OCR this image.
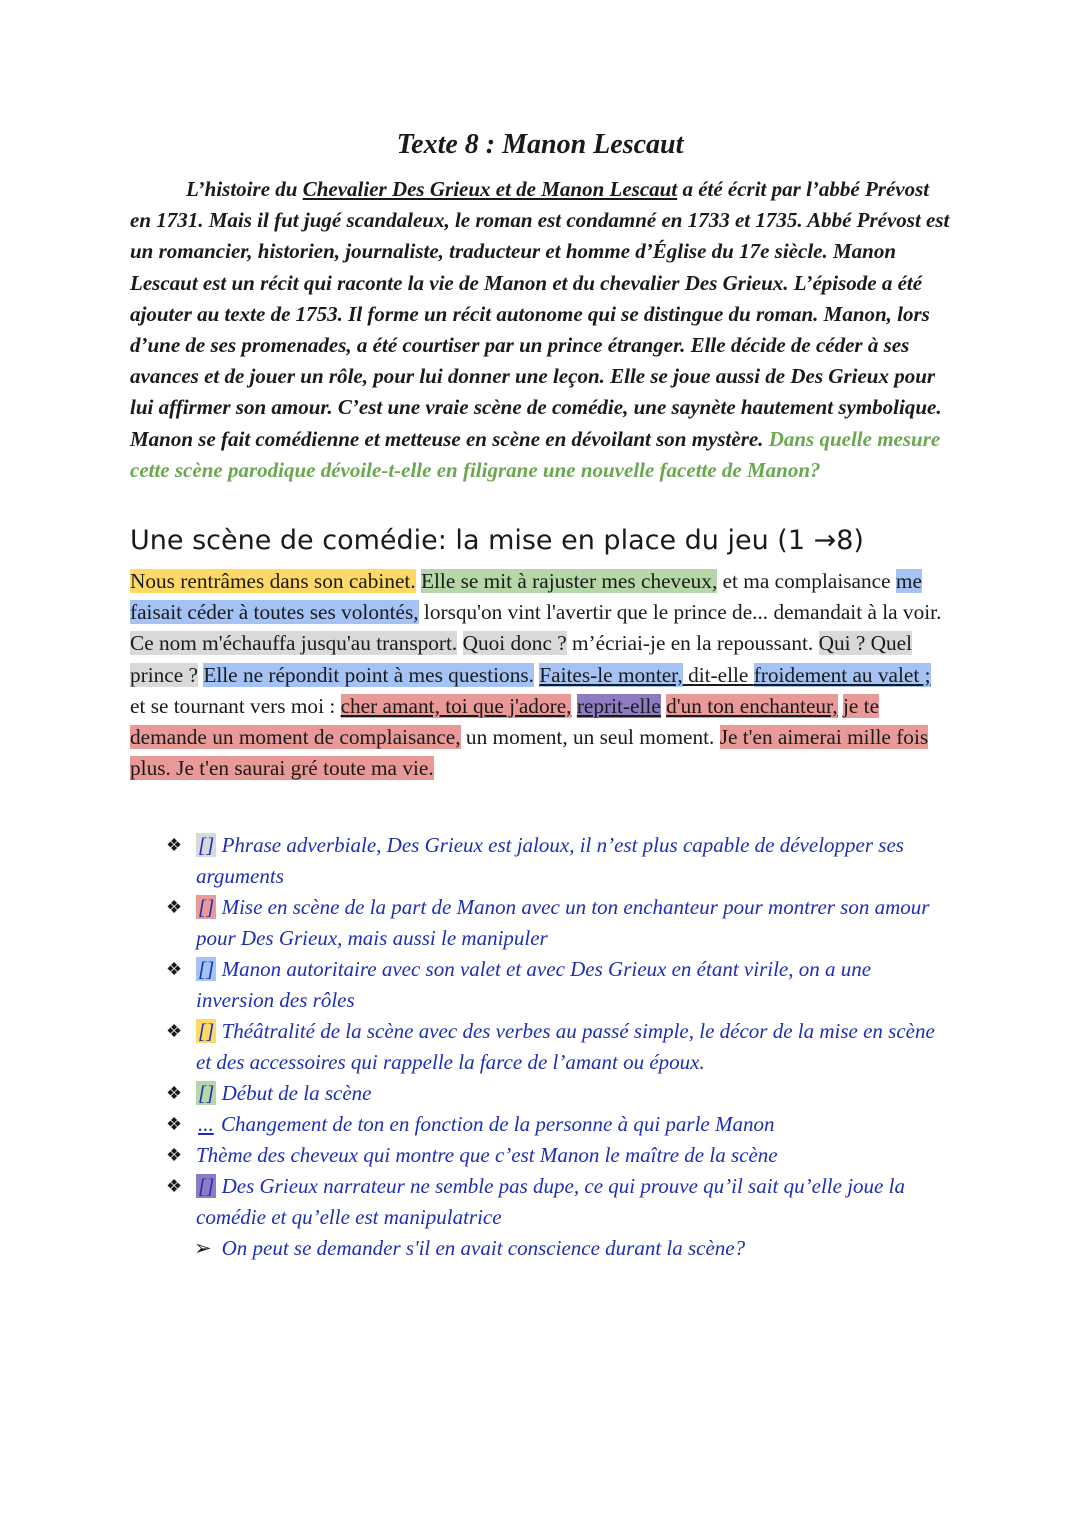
Texte 8 : Manon Lescaut

L’histoire du Chevalier Des Grieux et de Manon Lescaut a été écrit par l’abbé Prévost en 1731. Mais il fut jugé scandaleux, le roman est condamné en 1733 et 1735. Abbé Prévost est un romancier, historien, journaliste, traducteur et homme d’Église du 17e siècle. Manon Lescaut est un récit qui raconte la vie de Manon et du chevalier Des Grieux. L’épisode a été ajouter au texte de 1753. Il forme un récit autonome qui se distingue du roman. Manon, lors d’une de ses promenades, a été courtiser par un prince étranger. Elle décide de céder à ses avances et de jouer un rôle, pour lui donner une leçon. Elle se joue aussi de Des Grieux pour lui affirmer son amour. C’est une vraie scène de comédie, une saynète hautement symbolique. Manon se fait comédienne et metteuse en scène en dévoilant son mystère. Dans quelle mesure cette scène parodique dévoile-t-elle en filigrane une nouvelle facette de Manon?

Une scène de comédie: la mise en place du jeu (1 →8)

Nous rentrâmes dans son cabinet. Elle se mit à rajuster mes cheveux, et ma complaisance me faisait céder à toutes ses volontés, lorsqu'on vint l'avertir que le prince de... demandait à la voir. Ce nom m'échauffa jusqu'au transport. Quoi donc ? m’écriai-je en la repoussant. Qui ? Quel prince ? Elle ne répondit point à mes questions. Faites-le monter, dit-elle froidement au valet ; et se tournant vers moi : cher amant, toi que j'adore, reprit-elle d'un ton enchanteur, je te demande un moment de complaisance, un moment, un seul moment. Je t'en aimerai mille fois plus. Je t'en saurai gré toute ma vie.

❖ [] Phrase adverbiale, Des Grieux est jaloux, il n’est plus capable de développer ses arguments
❖ [] Mise en scène de la part de Manon avec un ton enchanteur pour montrer son amour pour Des Grieux, mais aussi le manipuler
❖ [] Manon autoritaire avec son valet et avec Des Grieux en étant virile, on a une inversion des rôles
❖ [] Théâtralité de la scène avec des verbes au passé simple, le décor de la mise en scène et des accessoires qui rappelle la farce de l’amant ou époux.
❖ [] Début de la scène
❖ ... Changement de ton en fonction de la personne à qui parle Manon
❖ Thème des cheveux qui montre que c’est Manon le maître de la scène
❖ [] Des Grieux narrateur ne semble pas dupe, ce qui prouve qu’il sait qu’elle joue la comédie et qu’elle est manipulatrice
➢ On peut se demander s'il en avait conscience durant la scène?
